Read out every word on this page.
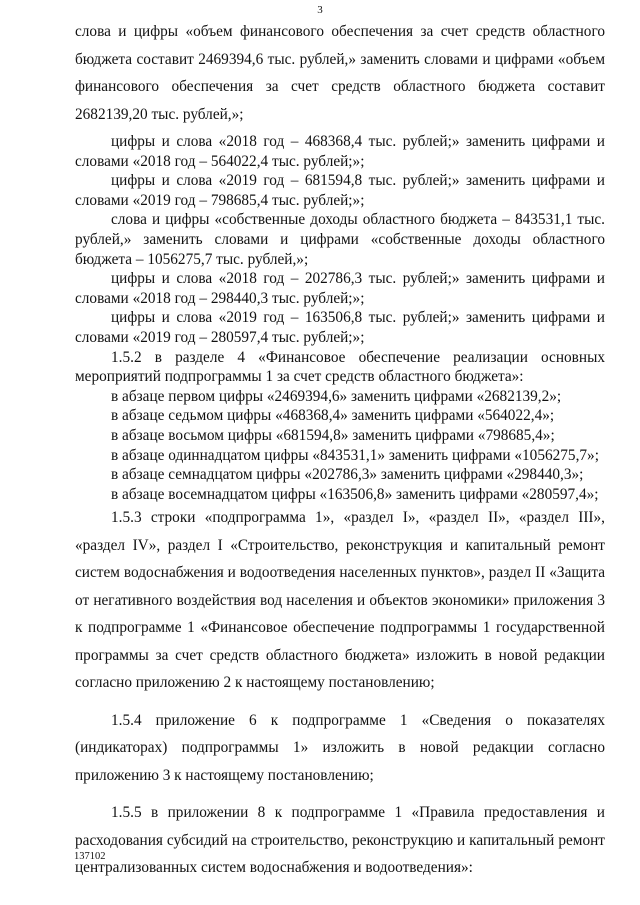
3

слова и цифры «объем финансового обеспечения за счет средств областного бюджета составит 2469394,6 тыс. рублей,» заменить словами и цифрами «объем финансового обеспечения за счет средств областного бюджета составит 2682139,20 тыс. рублей,»;

цифры и слова «2018 год – 468368,4 тыс. рублей;» заменить цифрами и словами «2018 год – 564022,4 тыс. рублей;»;

цифры и слова «2019 год – 681594,8 тыс. рублей;» заменить цифрами и словами «2019 год – 798685,4 тыс. рублей;»;

слова и цифры «собственные доходы областного бюджета – 843531,1 тыс. рублей,» заменить словами и цифрами «собственные доходы областного бюджета – 1056275,7 тыс. рублей,»;

цифры и слова «2018 год – 202786,3 тыс. рублей;» заменить цифрами и словами «2018 год – 298440,3 тыс. рублей;»;

цифры и слова «2019 год – 163506,8 тыс. рублей;» заменить цифрами и словами «2019 год – 280597,4 тыс. рублей;»;

1.5.2 в разделе 4 «Финансовое обеспечение реализации основных мероприятий подпрограммы 1 за счет средств областного бюджета»:

в абзаце первом цифры «2469394,6» заменить цифрами «2682139,2»;

в абзаце седьмом цифры «468368,4» заменить цифрами «564022,4»;

в абзаце восьмом цифры «681594,8» заменить цифрами «798685,4»;

в абзаце одиннадцатом цифры «843531,1» заменить цифрами «1056275,7»;

в абзаце семнадцатом цифры «202786,3» заменить цифрами «298440,3»;

в абзаце восемнадцатом цифры «163506,8» заменить цифрами «280597,4»;

1.5.3 строки «подпрограмма 1», «раздел I», «раздел II», «раздел III», «раздел IV», раздел I «Строительство, реконструкция и капитальный ремонт систем водоснабжения и водоотведения населенных пунктов», раздел II «Защита от негативного воздействия вод населения и объектов экономики» приложения 3 к подпрограмме 1 «Финансовое обеспечение подпрограммы 1 государственной программы за счет средств областного бюджета» изложить в новой редакции согласно приложению 2 к настоящему постановлению;

1.5.4 приложение 6 к подпрограмме 1 «Сведения о показателях (индикаторах) подпрограммы 1» изложить в новой редакции согласно приложению 3 к настоящему постановлению;

1.5.5 в приложении 8 к подпрограмме 1 «Правила предоставления и расходования субсидий на строительство, реконструкцию и капитальный ремонт централизованных систем водоснабжения и водоотведения»:

137102
